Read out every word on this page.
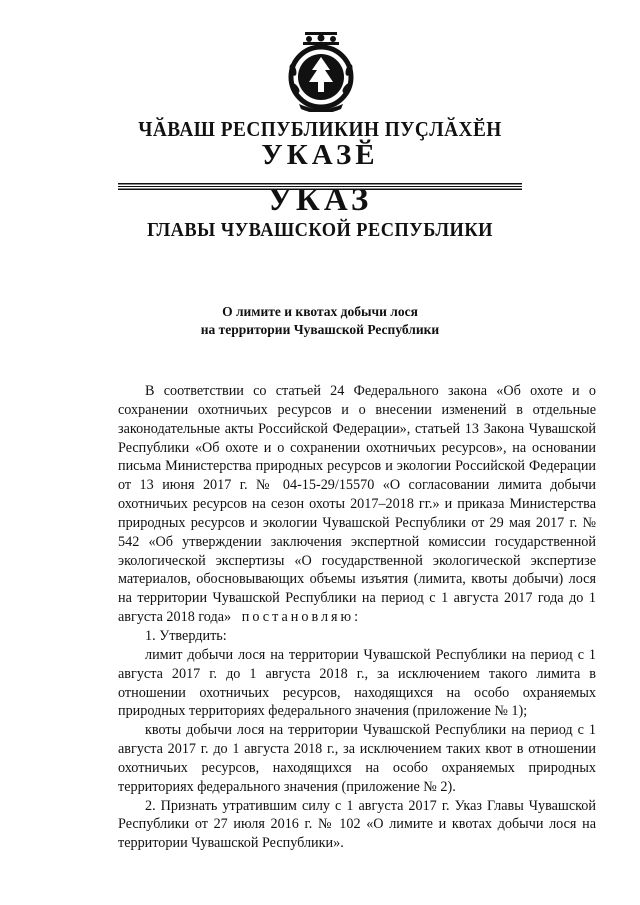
ЧӐВАШ РЕСПУБЛИКИН ПУҪЛӐХӖН
УКАЗӖ
УКАЗ
ГЛАВЫ ЧУВАШСКОЙ РЕСПУБЛИКИ
О лимите и квотах добычи лося
на территории Чувашской Республики

В соответствии со статьей 24 Федерального закона «Об охоте и о сохранении охотничьих ресурсов и о внесении изменений в отдельные законодательные акты Российской Федерации», статьей 13 Закона Чувашской Республики «Об охоте и о сохранении охотничьих ресурсов», на основании письма Министерства природных ресурсов и экологии Российской Федерации от 13 июня 2017 г. № 04-15-29/15570 «О согласовании лимита добычи охотничьих ресурсов на сезон охоты 2017–2018 гг.» и приказа Министерства природных ресурсов и экологии Чувашской Республики от 29 мая 2017 г. № 542 «Об утверждении заключения экспертной комиссии государственной экологической экспертизы «О государственной экологической экспертизе материалов, обосновывающих объемы изъятия (лимита, квоты добычи) лося на территории Чувашской Республики на период с 1 августа 2017 года до 1 августа 2018 года» постановляю:

1. Утвердить:

лимит добычи лося на территории Чувашской Республики на период с 1 августа 2017 г. до 1 августа 2018 г., за исключением такого лимита в отношении охотничьих ресурсов, находящихся на особо охраняемых природных территориях федерального значения (приложение № 1);

квоты добычи лося на территории Чувашской Республики на период с 1 августа 2017 г. до 1 августа 2018 г., за исключением таких квот в отношении охотничьих ресурсов, находящихся на особо охраняемых природных территориях федерального значения (приложение № 2).

2. Признать утратившим силу с 1 августа 2017 г. Указ Главы Чувашской Республики от 27 июля 2016 г. № 102 «О лимите и квотах добычи лося на территории Чувашской Республики».
